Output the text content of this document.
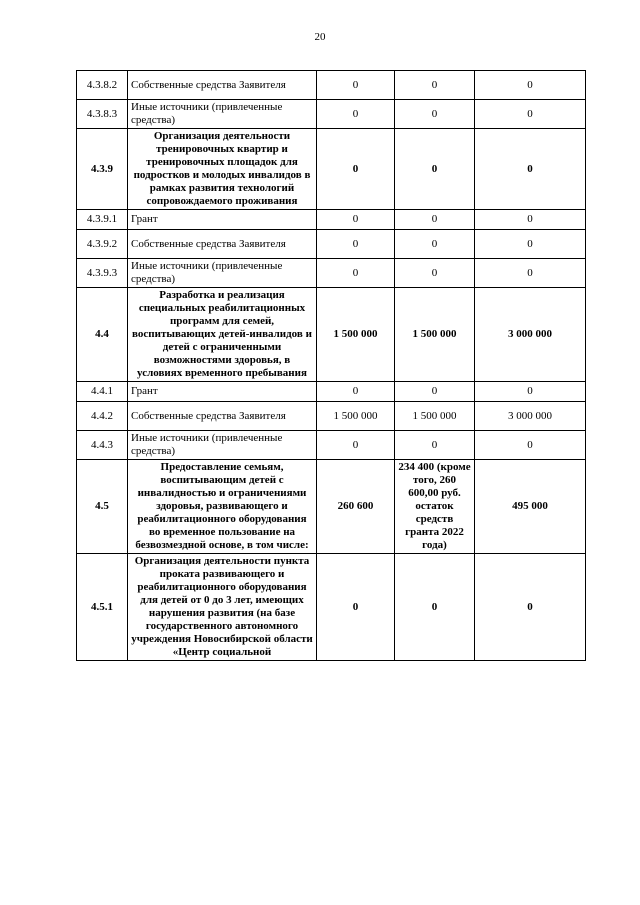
20
4.3.8.2	Собственные средства Заявителя	0	0	0
4.3.8.3	Иные источники (привлеченные средства)	0	0	0
4.3.9	Организация деятельности тренировочных квартир и тренировочных площадок для подростков и молодых инвалидов в рамках развития технологий сопровождаемого проживания	0	0	0
4.3.9.1	Грант	0	0	0
4.3.9.2	Собственные средства Заявителя	0	0	0
4.3.9.3	Иные источники (привлеченные средства)	0	0	0
4.4	Разработка и реализация специальных реабилитационных программ для семей, воспитывающих детей-инвалидов и детей с ограниченными возможностями здоровья, в условиях временного пребывания	1 500 000	1 500 000	3 000 000
4.4.1	Грант	0	0	0
4.4.2	Собственные средства Заявителя	1 500 000	1 500 000	3 000 000
4.4.3	Иные источники (привлеченные средства)	0	0	0
4.5	Предоставление семьям, воспитывающим детей с инвалидностью и ограничениями здоровья, развивающего и реабилитационного оборудования во временное пользование на безвозмездной основе, в том числе:	260 600	234 400 (кроме того, 260 600,00 руб. остаток средств гранта 2022 года)	495 000
4.5.1	Организация деятельности пункта проката развивающего и реабилитационного оборудования для детей от 0 до 3 лет, имеющих нарушения развития (на базе государственного автономного учреждения Новосибирской области «Центр социальной	0	0	0
